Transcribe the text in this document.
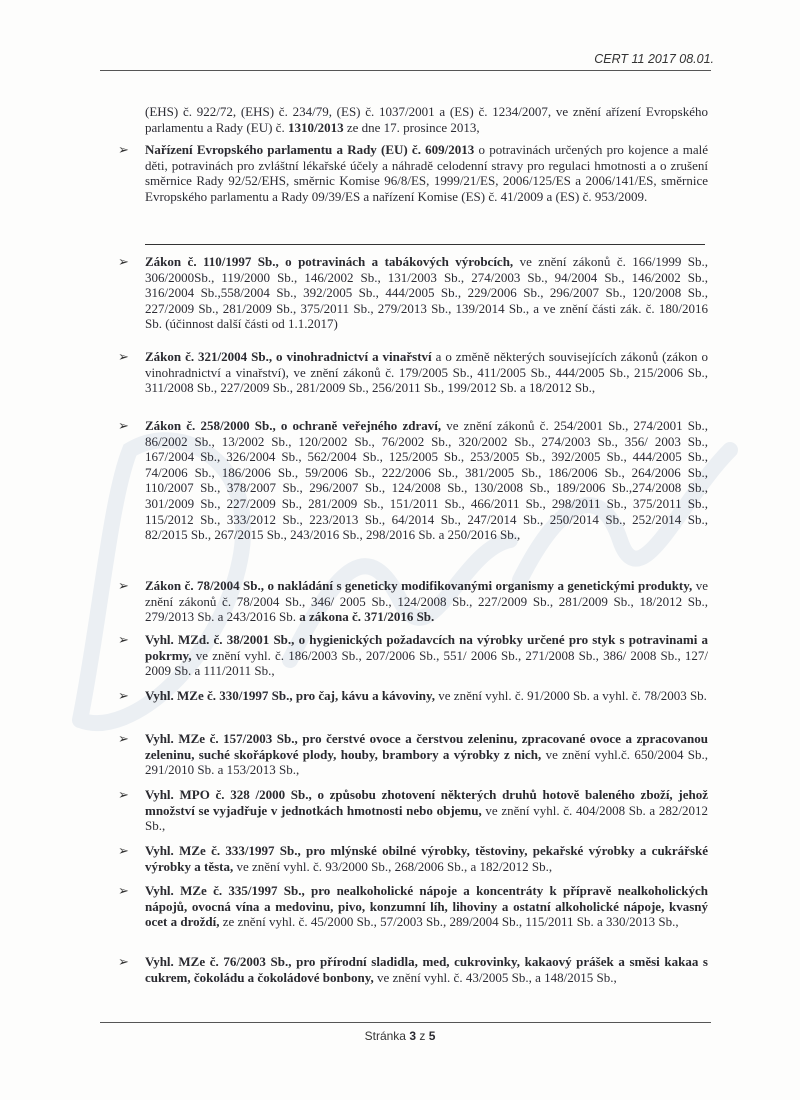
CERT 11 2017 08.01.

(EHS) č. 922/72, (EHS) č. 234/79, (ES) č. 1037/2001 a (ES) č. 1234/2007, ve znění ařízení Evropského parlamentu a Rady (EU) č. 1310/2013 ze dne 17. prosince 2013,

➢ Nařízení Evropského parlamentu a Rady (EU) č. 609/2013 o potravinách určených pro kojence a malé děti, potravinách pro zvláštní lékařské účely a náhradě celodenní stravy pro regulaci hmotnosti a o zrušení směrnice Rady 92/52/EHS, směrnic Komise 96/8/ES, 1999/21/ES, 2006/125/ES a 2006/141/ES, směrnice Evropského parlamentu a Rady 09/39/ES a nařízení Komise (ES) č. 41/2009 a (ES) č. 953/2009.

➢ Zákon č. 110/1997 Sb., o potravinách a tabákových výrobcích, ve znění zákonů č. 166/1999 Sb., 306/2000Sb., 119/2000 Sb., 146/2002 Sb., 131/2003 Sb., 274/2003 Sb., 94/2004 Sb., 146/2002 Sb., 316/2004 Sb.,558/2004 Sb., 392/2005 Sb., 444/2005 Sb., 229/2006 Sb., 296/2007 Sb., 120/2008 Sb., 227/2009 Sb., 281/2009 Sb., 375/2011 Sb., 279/2013 Sb., 139/2014 Sb., a ve znění části zák. č. 180/2016 Sb. (účinnost další části od 1.1.2017)

➢ Zákon č. 321/2004 Sb., o vinohradnictví a vinařství a o změně některých souvisejících zákonů (zákon o vinohradnictví a vinařství), ve znění zákonů č. 179/2005 Sb., 411/2005 Sb., 444/2005 Sb., 215/2006 Sb., 311/2008 Sb., 227/2009 Sb., 281/2009 Sb., 256/2011 Sb., 199/2012 Sb. a 18/2012 Sb.,

➢ Zákon č. 258/2000 Sb., o ochraně veřejného zdraví, ve znění zákonů č. 254/2001 Sb., 274/2001 Sb., 86/2002 Sb., 13/2002 Sb., 120/2002 Sb., 76/2002 Sb., 320/2002 Sb., 274/2003 Sb., 356/ 2003 Sb., 167/2004 Sb., 326/2004 Sb., 562/2004 Sb., 125/2005 Sb., 253/2005 Sb., 392/2005 Sb., 444/2005 Sb., 74/2006 Sb., 186/2006 Sb., 59/2006 Sb., 222/2006 Sb., 381/2005 Sb., 186/2006 Sb., 264/2006 Sb., 110/2007 Sb., 378/2007 Sb., 296/2007 Sb., 124/2008 Sb., 130/2008 Sb., 189/2006 Sb.,274/2008 Sb., 301/2009 Sb., 227/2009 Sb., 281/2009 Sb., 151/2011 Sb., 466/2011 Sb., 298/2011 Sb., 375/2011 Sb., 115/2012 Sb., 333/2012 Sb., 223/2013 Sb., 64/2014 Sb., 247/2014 Sb., 250/2014 Sb., 252/2014 Sb., 82/2015 Sb., 267/2015 Sb., 243/2016 Sb., 298/2016 Sb. a 250/2016 Sb.,

➢ Zákon č. 78/2004 Sb., o nakládání s geneticky modifikovanými organismy a genetickými produkty, ve znění zákonů č. 78/2004 Sb., 346/ 2005 Sb., 124/2008 Sb., 227/2009 Sb., 281/2009 Sb., 18/2012 Sb., 279/2013 Sb. a 243/2016 Sb. a zákona č. 371/2016 Sb.

➢ Vyhl. MZd. č. 38/2001 Sb., o hygienických požadavcích na výrobky určené pro styk s potravinami a pokrmy, ve znění vyhl. č. 186/2003 Sb., 207/2006 Sb., 551/ 2006 Sb., 271/2008 Sb., 386/ 2008 Sb., 127/ 2009 Sb. a 111/2011 Sb.,

➢ Vyhl. MZe č. 330/1997 Sb., pro čaj, kávu a kávoviny, ve znění vyhl. č. 91/2000 Sb. a vyhl. č. 78/2003 Sb.

➢ Vyhl. MZe č. 157/2003 Sb., pro čerstvé ovoce a čerstvou zeleninu, zpracované ovoce a zpracovanou zeleninu, suché skořápkové plody, houby, brambory a výrobky z nich, ve znění vyhl.č. 650/2004 Sb., 291/2010 Sb. a 153/2013 Sb.,

➢ Vyhl. MPO č. 328 /2000 Sb., o způsobu zhotovení některých druhů hotově baleného zboží, jehož množství se vyjadřuje v jednotkách hmotnosti nebo objemu, ve znění vyhl. č. 404/2008 Sb. a 282/2012 Sb.,

➢ Vyhl. MZe č. 333/1997 Sb., pro mlýnské obilné výrobky, těstoviny, pekařské výrobky a cukrářské výrobky a těsta, ve znění vyhl. č. 93/2000 Sb., 268/2006 Sb., a 182/2012 Sb.,

➢ Vyhl. MZe č. 335/1997 Sb., pro nealkoholické nápoje a koncentráty k přípravě nealkoholických nápojů, ovocná vína a medovinu, pivo, konzumní líh, lihoviny a ostatní alkoholické nápoje, kvasný ocet a droždí, ze znění vyhl. č. 45/2000 Sb., 57/2003 Sb., 289/2004 Sb., 115/2011 Sb. a 330/2013 Sb.,

➢ Vyhl. MZe č. 76/2003 Sb., pro přírodní sladidla, med, cukrovinky, kakaový prášek a směsi kakaa s cukrem, čokoládu a čokoládové bonbony, ve znění vyhl. č. 43/2005 Sb., a 148/2015 Sb.,

Stránka 3 z 5
